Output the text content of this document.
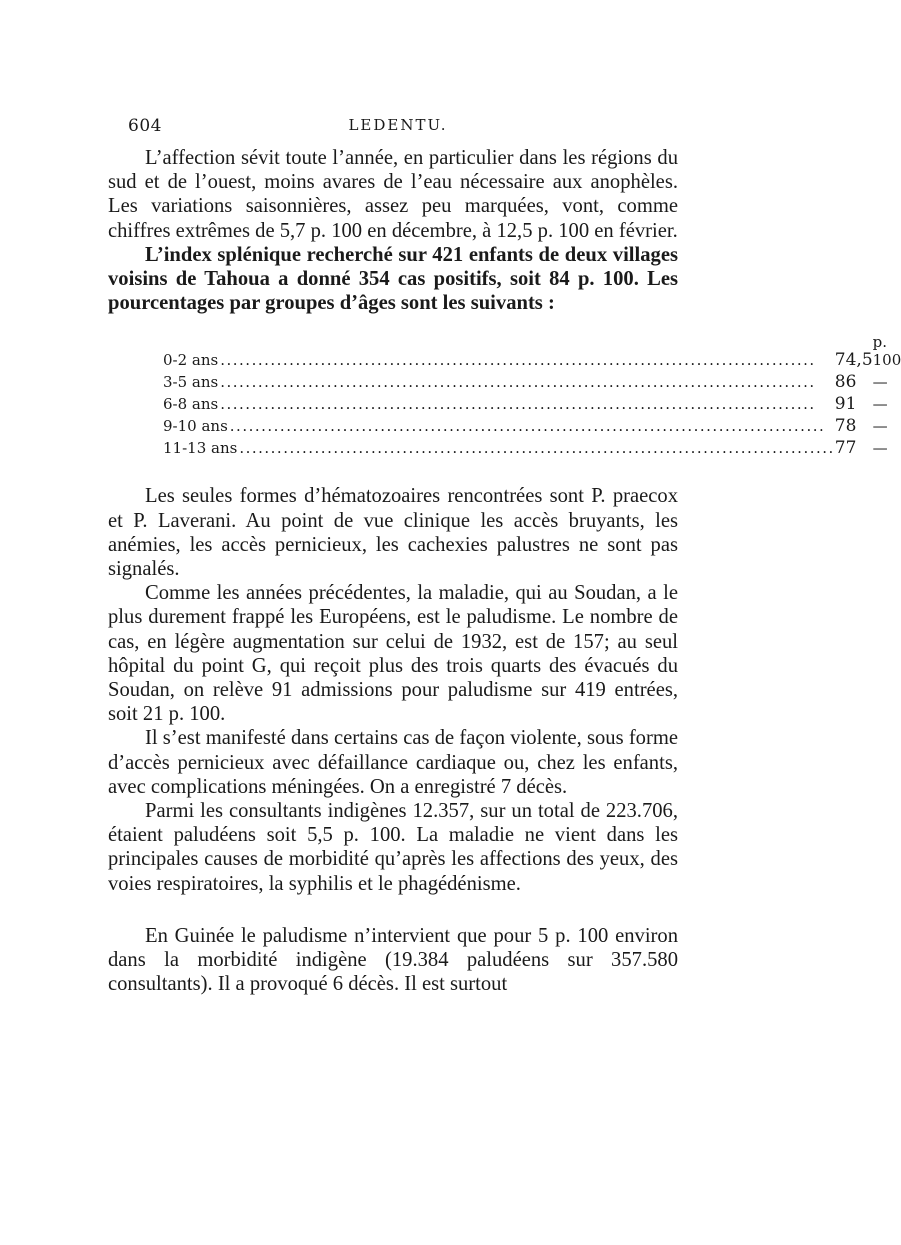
604	LEDENTU.

L’affection sévit toute l’année, en particulier dans les régions du sud et de l’ouest, moins avares de l’eau nécessaire aux anophèles. Les variations saisonnières, assez peu marquées, vont, comme chiffres extrêmes de 5,7 p. 100 en décembre, à 12,5 p. 100 en février.

L’index splénique recherché sur 421 enfants de deux villages voisins de Tahoua a donné 354 cas positifs, soit 84 p. 100. Les pourcentages par groupes d’âges sont les suivants :

0-2 ans ...............................................................................................	74,5	p. 100
3-5 ans ...............................................................................................	86	—
6-8 ans ...............................................................................................	91	—
9-10 ans ...............................................................................................	78	—
11-13 ans ...............................................................................................	77	—

Les seules formes d’hématozoaires rencontrées sont P. praecox et P. Laverani. Au point de vue clinique les accès bruyants, les anémies, les accès pernicieux, les cachexies palustres ne sont pas signalés.

Comme les années précédentes, la maladie, qui au Soudan, a le plus durement frappé les Européens, est le paludisme. Le nombre de cas, en légère augmentation sur celui de 1932, est de 157; au seul hôpital du point G, qui reçoit plus des trois quarts des évacués du Soudan, on relève 91 admissions pour paludisme sur 419 entrées, soit 21 p. 100.

Il s’est manifesté dans certains cas de façon violente, sous forme d’accès pernicieux avec défaillance cardiaque ou, chez les enfants, avec complications méningées. On a enregistré 7 décès.

Parmi les consultants indigènes 12.357, sur un total de 223.706, étaient paludéens soit 5,5 p. 100. La maladie ne vient dans les principales causes de morbidité qu’après les affections des yeux, des voies respiratoires, la syphilis et le phagédénisme.

En Guinée le paludisme n’intervient que pour 5 p. 100 environ dans la morbidité indigène (19.384 paludéens sur 357.580 consultants). Il a provoqué 6 décès. Il est surtout
